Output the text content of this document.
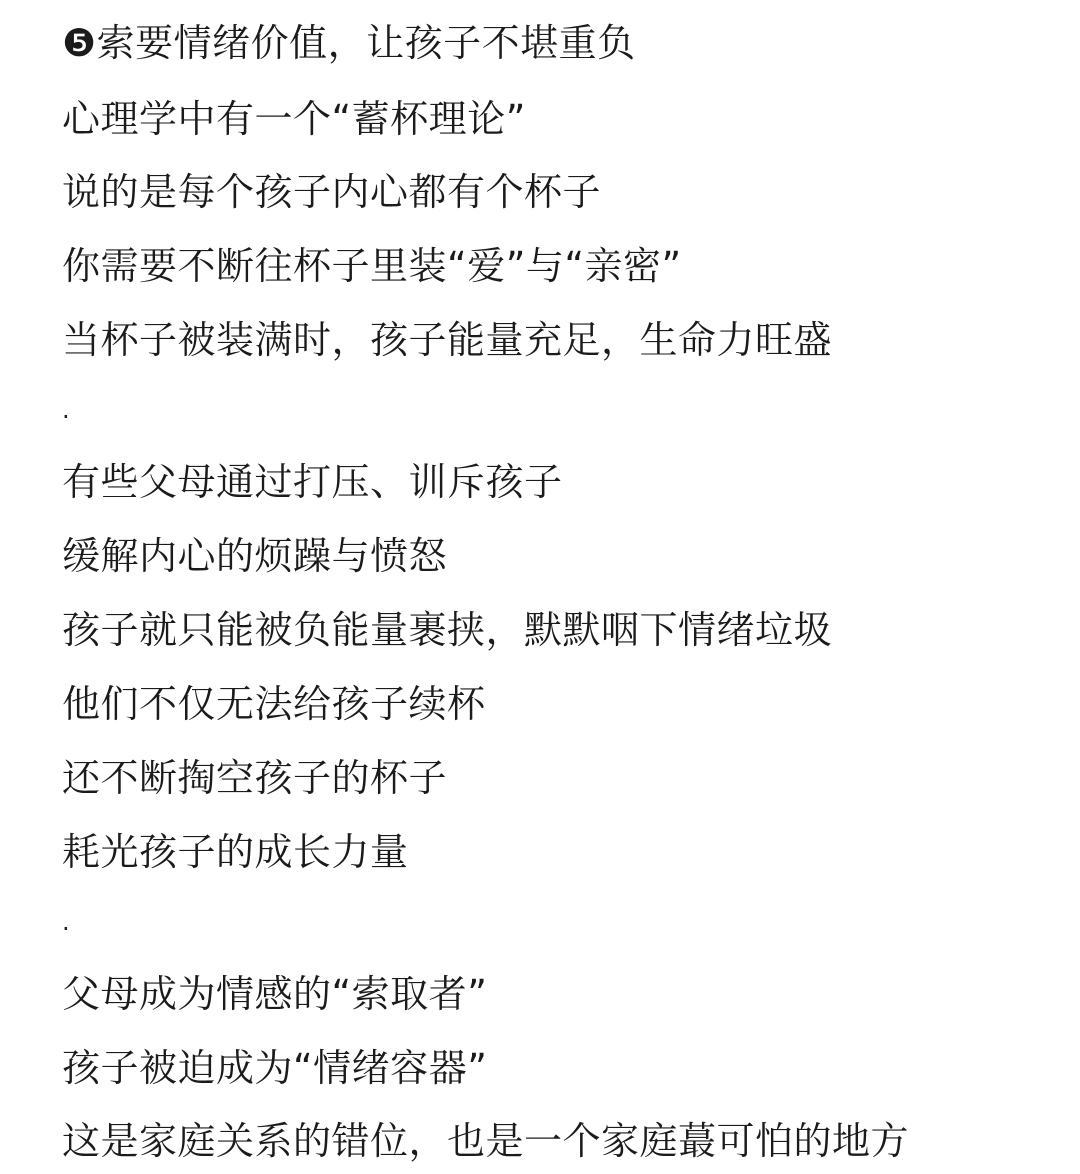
❺索要情绪价值，让孩子不堪重负
心理学中有一个“蓄杯理论”
说的是每个孩子内心都有个杯子
你需要不断往杯子里装“爱”与“亲密”
当杯子被装满时，孩子能量充足，生命力旺盛
.
有些父母通过打压、训斥孩子
缓解内心的烦躁与愤怒
孩子就只能被负能量裹挟，默默咽下情绪垃圾
他们不仅无法给孩子续杯
还不断掏空孩子的杯子
耗光孩子的成长力量
.
父母成为情感的“索取者”
孩子被迫成为“情绪容器”
这是家庭关系的错位，也是一个家庭蕞可怕的地方
